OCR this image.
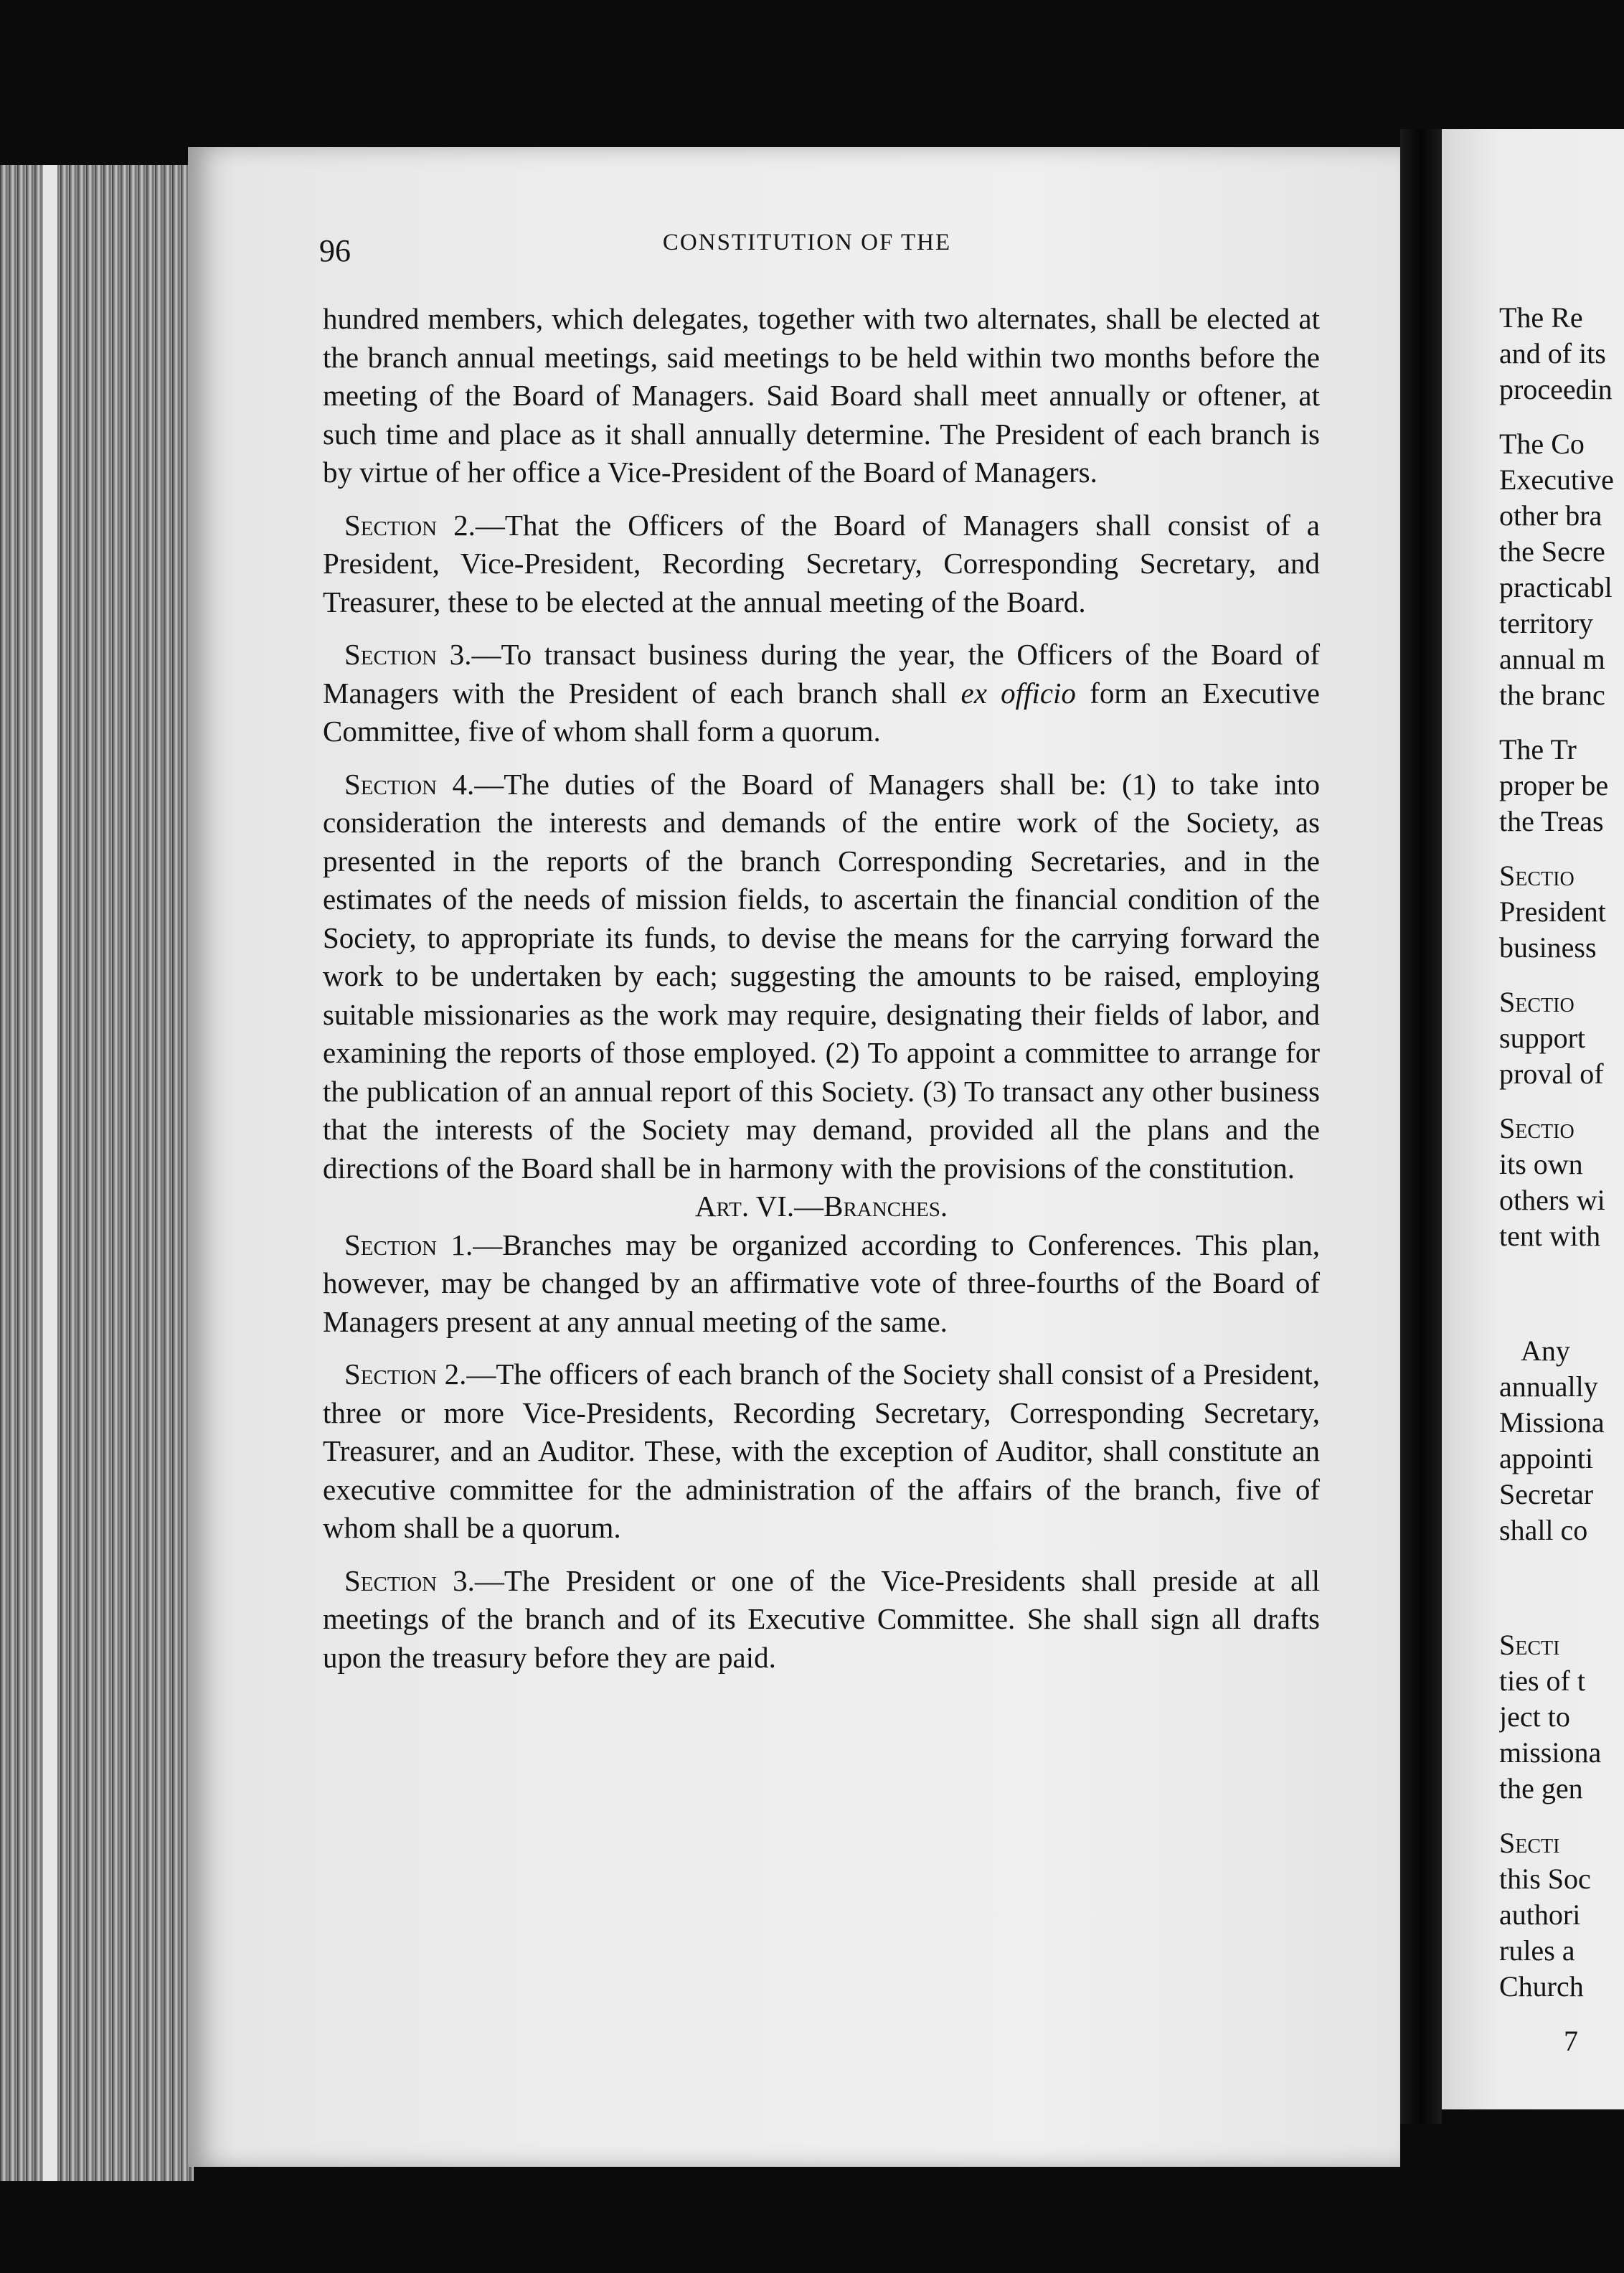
96	CONSTITUTION OF THE

hundred members, which delegates, together with two alternates, shall be elected at the branch annual meetings, said meetings to be held within two months before the meeting of the Board of Managers. Said Board shall meet annually or oftener, at such time and place as it shall annually determine. The President of each branch is by virtue of her office a Vice-President of the Board of Managers.

Section 2.—That the Officers of the Board of Managers shall consist of a President, Vice-President, Recording Secretary, Corresponding Secretary, and Treasurer, these to be elected at the annual meeting of the Board.

Section 3.—To transact business during the year, the Officers of the Board of Managers with the President of each branch shall ex officio form an Executive Committee, five of whom shall form a quorum.

Section 4.—The duties of the Board of Managers shall be: (1) to take into consideration the interests and demands of the entire work of the Society, as presented in the reports of the branch Corresponding Secretaries, and in the estimates of the needs of mission fields, to ascertain the financial condition of the Society, to appropriate its funds, to devise the means for the carrying forward the work to be undertaken by each; suggesting the amounts to be raised, employing suitable missionaries as the work may require, designating their fields of labor, and examining the reports of those employed. (2) To appoint a committee to arrange for the publication of an annual report of this Society. (3) To transact any other business that the interests of the Society may demand, provided all the plans and the directions of the Board shall be in harmony with the provisions of the constitution.

Art. VI.—Branches.

Section 1.—Branches may be organized according to Conferences. This plan, however, may be changed by an affirmative vote of three-fourths of the Board of Managers present at any annual meeting of the same.

Section 2.—The officers of each branch of the Society shall consist of a President, three or more Vice-Presidents, Recording Secretary, Corresponding Secretary, Treasurer, and an Auditor. These, with the exception of Auditor, shall constitute an executive committee for the administration of the affairs of the branch, five of whom shall be a quorum.

Section 3.—The President or one of the Vice-Presidents shall preside at all meetings of the branch and of its Executive Committee. She shall sign all drafts upon the treasury before they are paid.

The Re
and of its
proceedin
The Co
Executive
other bra
the Secre
practicabl
territory
annual m
the branc
The Tr
proper be
the Treas
Sectio
President
business
Sectio
support
proval of
Sectio
its own
others wi
tent with
Any
annually
Missiona
appointi
Secretar
shall co
Secti
ties of t
ject to
missiona
the gen
Secti
this Soc
authori
rules a
Church
7
